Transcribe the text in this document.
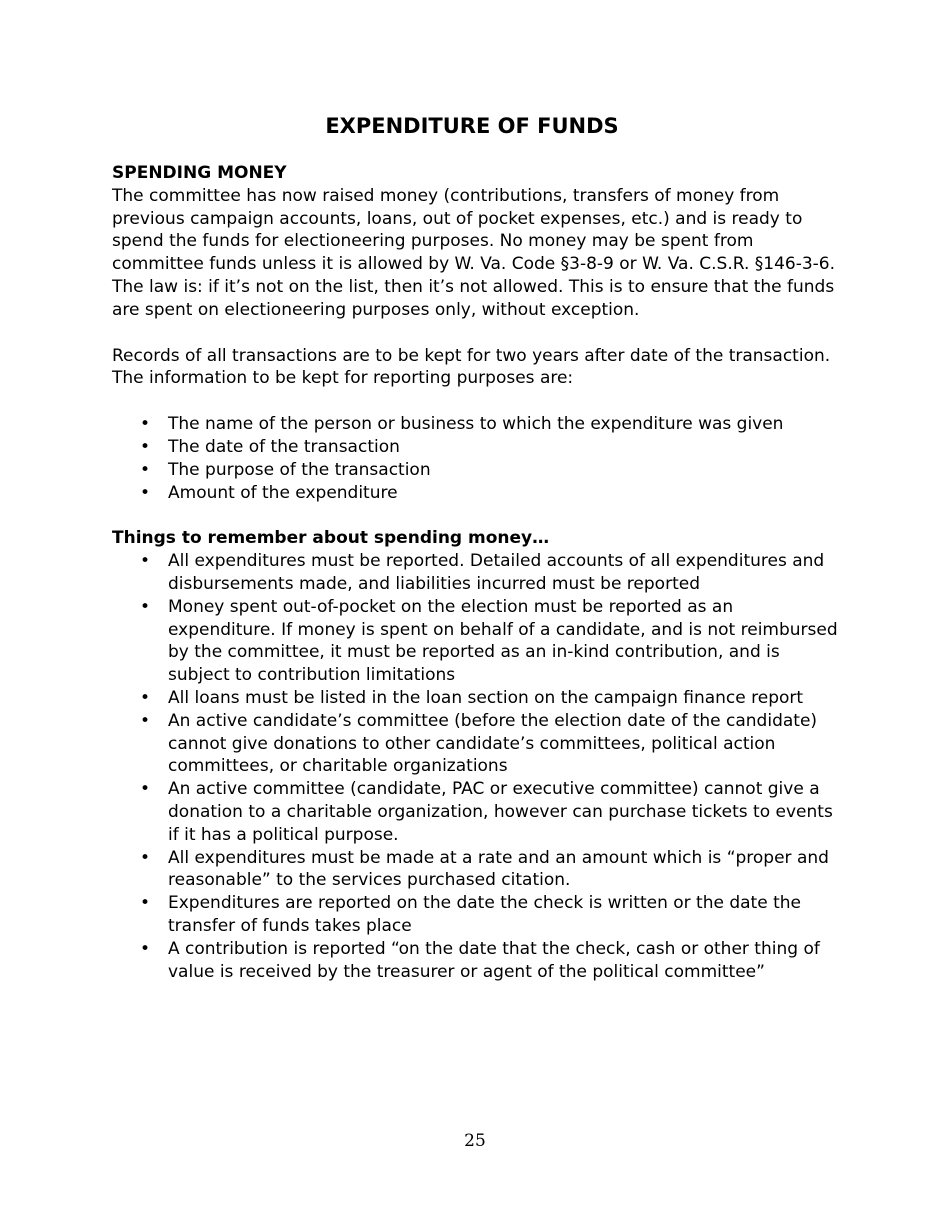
EXPENDITURE OF FUNDS
SPENDING MONEY

The committee has now raised money (contributions, transfers of money from previous campaign accounts, loans, out of pocket expenses, etc.) and is ready to spend the funds for electioneering purposes. No money may be spent from committee funds unless it is allowed by W. Va. Code §3-8-9 or W. Va. C.S.R. §146-3-6. The law is: if it’s not on the list, then it’s not allowed. This is to ensure that the funds are spent on electioneering purposes only, without exception.

Records of all transactions are to be kept for two years after date of the transaction. The information to be kept for reporting purposes are:

• The name of the person or business to which the expenditure was given
• The date of the transaction
• The purpose of the transaction
• Amount of the expenditure
Things to remember about spending money…
• All expenditures must be reported. Detailed accounts of all expenditures and disbursements made, and liabilities incurred must be reported
• Money spent out-of-pocket on the election must be reported as an expenditure. If money is spent on behalf of a candidate, and is not reimbursed by the committee, it must be reported as an in-kind contribution, and is subject to contribution limitations
• All loans must be listed in the loan section on the campaign finance report
• An active candidate’s committee (before the election date of the candidate) cannot give donations to other candidate’s committees, political action committees, or charitable organizations
• An active committee (candidate, PAC or executive committee) cannot give a donation to a charitable organization, however can purchase tickets to events if it has a political purpose.
• All expenditures must be made at a rate and an amount which is “proper and reasonable” to the services purchased citation.
• Expenditures are reported on the date the check is written or the date the transfer of funds takes place
• A contribution is reported “on the date that the check, cash or other thing of value is received by the treasurer or agent of the political committee”
25
